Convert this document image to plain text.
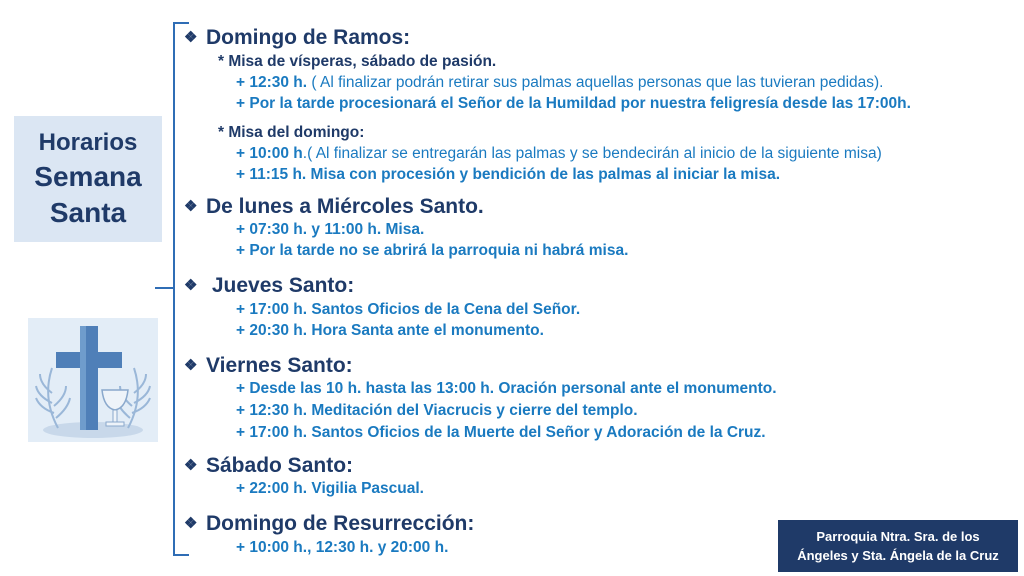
Horarios
Semana
Santa
❖ Domingo de Ramos:
* Misa de vísperas, sábado de pasión.
+ 12:30 h. ( Al finalizar podrán retirar sus palmas aquellas personas que las tuvieran pedidas).
+ Por la tarde procesionará el Señor de la Humildad por nuestra feligresía desde las 17:00h.
* Misa del domingo:
+ 10:00 h.( Al finalizar se entregarán las palmas y se bendecirán al inicio de la siguiente misa)
+ 11:15 h. Misa con procesión y bendición de las palmas al iniciar la misa.
❖ De lunes a Miércoles Santo.
+ 07:30 h. y 11:00 h. Misa.
+ Por la tarde no se abrirá la parroquia ni habrá misa.
❖ Jueves Santo:
+ 17:00 h. Santos Oficios de la Cena del Señor.
+ 20:30 h. Hora Santa ante el monumento.
❖ Viernes Santo:
+ Desde las 10 h. hasta las 13:00 h. Oración personal ante el monumento.
+ 12:30 h. Meditación del Viacrucis y cierre del templo.
+ 17:00 h. Santos Oficios de la Muerte del Señor y Adoración de la Cruz.
❖ Sábado Santo:
+ 22:00 h. Vigilia Pascual.
❖ Domingo de Resurrección:
+ 10:00 h., 12:30 h. y 20:00 h.
Parroquia Ntra. Sra. de los
Ángeles y Sta. Ángela de la Cruz
